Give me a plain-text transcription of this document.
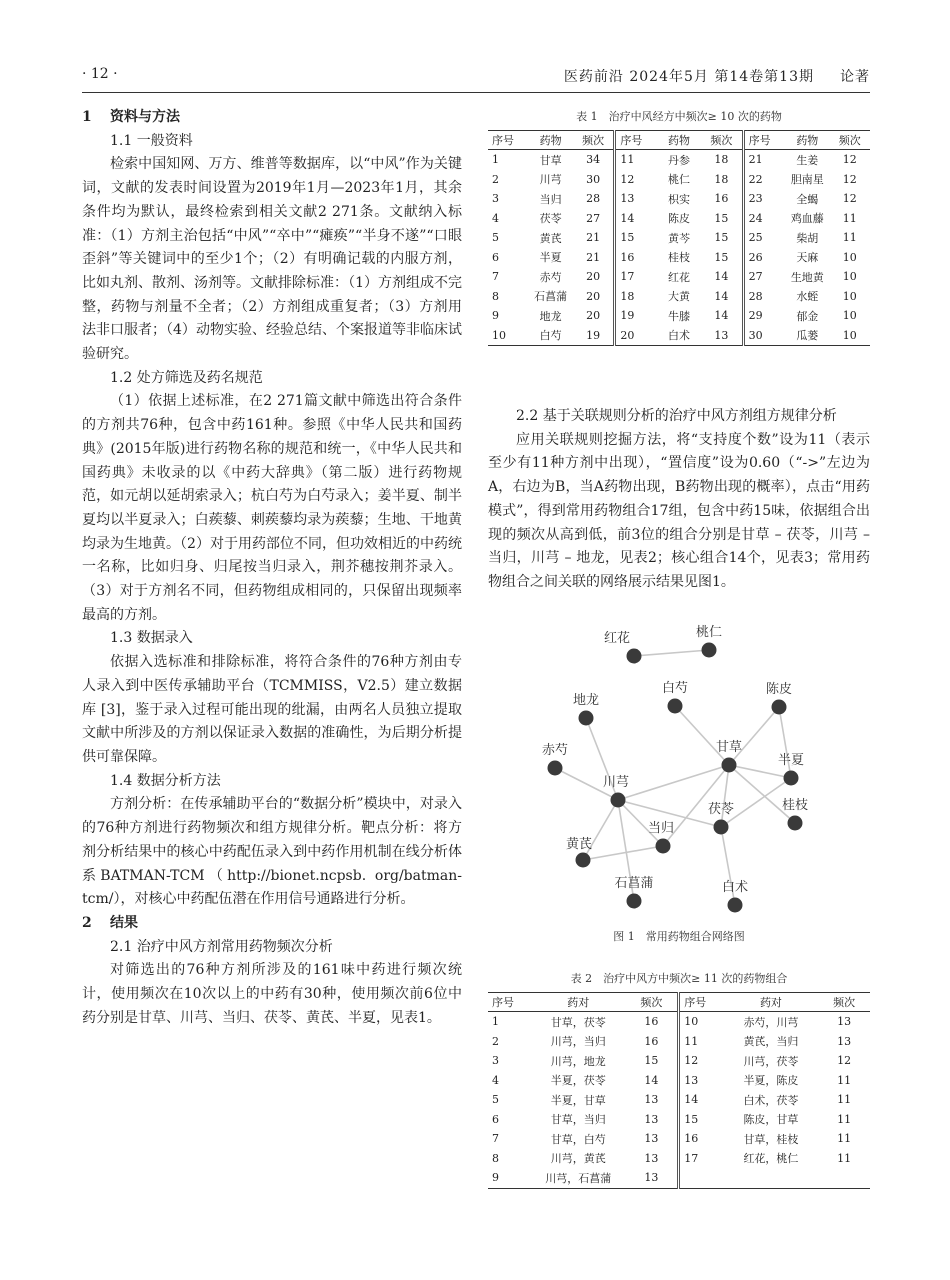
· 12 ·	医药前沿 2024年5月 第14卷第13期 论著

1 资料与方法

1.1 一般资料

检索中国知网、万方、维普等数据库，以“中风”作为关键词，文献的发表时间设置为2019年1月—2023年1月，其余条件均为默认，最终检索到相关文献2 271条。文献纳入标准：（1）方剂主治包括“中风”“卒中”“瘫痪”“半身不遂”“口眼歪斜”等关键词中的至少1个；（2）有明确记载的内服方剂，比如丸剂、散剂、汤剂等。文献排除标准：（1）方剂组成不完整，药物与剂量不全者；（2）方剂组成重复者；（3）方剂用法非口服者；（4）动物实验、经验总结、个案报道等非临床试验研究。

1.2 处方筛选及药名规范

（1）依据上述标准，在2 271篇文献中筛选出符合条件的方剂共76种，包含中药161种。参照《中华人民共和国药典》(2015年版)进行药物名称的规范和统一，《中华人民共和国药典》未收录的以《中药大辞典》（第二版）进行药物规范，如元胡以延胡索录入；杭白芍为白芍录入；姜半夏、制半夏均以半夏录入；白蒺藜、刺蒺藜均录为蒺藜；生地、干地黄均录为生地黄。（2）对于用药部位不同，但功效相近的中药统一名称，比如归身、归尾按当归录入，荆芥穗按荆芥录入。（3）对于方剂名不同，但药物组成相同的，只保留出现频率最高的方剂。

1.3 数据录入

依据入选标准和排除标准，将符合条件的76种方剂由专人录入到中医传承辅助平台（TCMMISS，V2.5）建立数据库 [3]，鉴于录入过程可能出现的纰漏，由两名人员独立提取文献中所涉及的方剂以保证录入数据的准确性，为后期分析提供可靠保障。

1.4 数据分析方法

方剂分析：在传承辅助平台的“数据分析”模块中，对录入的76种方剂进行药物频次和组方规律分析。靶点分析：将方剂分析结果中的核心中药配伍录入到中药作用机制在线分析体系BATMAN-TCM（http://bionet.ncpsb. org/batman-tcm/），对核心中药配伍潜在作用信号通路进行分析。

2 结果

2.1 治疗中风方剂常用药物频次分析

对筛选出的76种方剂所涉及的161味中药进行频次统计，使用频次在10次以上的中药有30种，使用频次前6位中药分别是甘草、川芎、当归、茯苓、黄芪、半夏，见表1。

表 1　治疗中风经方中频次≥ 10 次的药物
序号	药物	频次	序号	药物	频次	序号	药物	频次
1	甘草	34	11	丹参	18	21	生姜	12
2	川芎	30	12	桃仁	18	22	胆南星	12
3	当归	28	13	枳实	16	23	全蝎	12
4	茯苓	27	14	陈皮	15	24	鸡血藤	11
5	黄芪	21	15	黄芩	15	25	柴胡	11
6	半夏	21	16	桂枝	15	26	天麻	10
7	赤芍	20	17	红花	14	27	生地黄	10
8	石菖蒲	20	18	大黄	14	28	水蛭	10
9	地龙	20	19	牛膝	14	29	郁金	10
10	白芍	19	20	白术	13	30	瓜蒌	10

2.2 基于关联规则分析的治疗中风方剂组方规律分析

应用关联规则挖掘方法，将“支持度个数”设为11（表示至少有11种方剂中出现），“置信度”设为0.60（“->”左边为A，右边为B，当A药物出现，B药物出现的概率），点击“用药模式”，得到常用药物组合17组，包含中药15味，依据组合出现的频次从高到低，前3位的组合分别是甘草 – 茯苓，川芎 – 当归，川芎 – 地龙，见表2；核心组合14个，见表3；常用药物组合之间关联的网络展示结果见图1。

红花	桃仁
白芍	陈皮
地龙
甘草
半夏
赤芍
川芎
桂枝
茯苓
当归
黄芪
石菖蒲	白术
图 1　常用药物组合网络图
表 2　治疗中风方中频次≥ 11 次的药物组合
序号	药对	频次	序号	药对	频次
1	甘草，茯苓	16	10	赤芍，川芎	13
2	川芎，当归	16	11	黄芪，当归	13
3	川芎，地龙	15	12	川芎，茯苓	12
4	半夏，茯苓	14	13	半夏，陈皮	11
5	半夏，甘草	13	14	白术，茯苓	11
6	甘草，当归	13	15	陈皮，甘草	11
7	甘草，白芍	13	16	甘草，桂枝	11
8	川芎，黄芪	13	17	红花，桃仁	11
9	川芎，石菖蒲	13			
